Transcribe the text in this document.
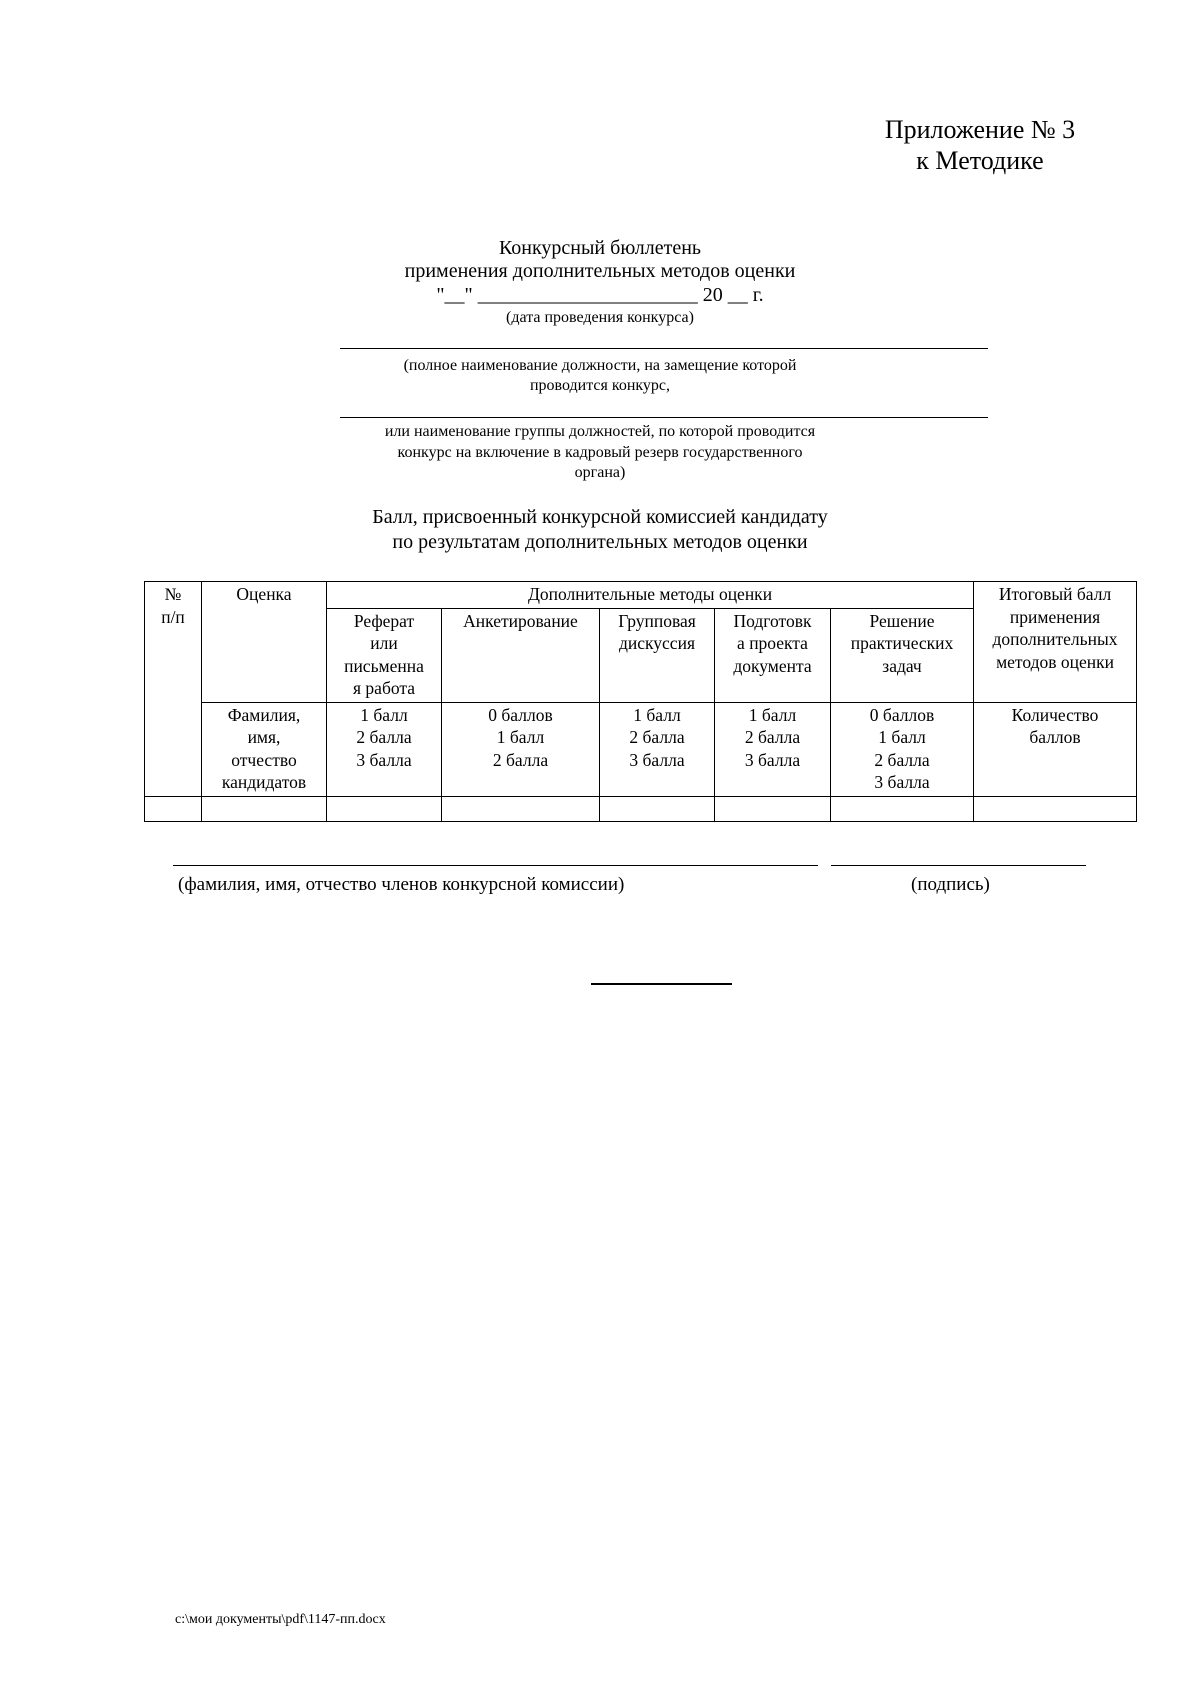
Приложение № 3
к Методике
Конкурсный бюллетень
применения дополнительных методов оценки
"__" ______________________ 20 __ г.
(дата проведения конкурса)
(полное наименование должности, на замещение которой
проводится конкурс,
или наименование группы должностей, по которой проводится
конкурс на включение в кадровый резерв государственного
органа)
Балл, присвоенный конкурсной комиссией кандидату
по результатам дополнительных методов оценки
№
п/п	Оценка	Дополнительные методы оценки					Итоговый балл
применения
дополнительных
методов оценки

		Реферат
или
письменна
я работа	Анкетирование	Групповая
дискуссия	Подготовк
а проекта
документа	Решение
практических
задач	

	Фамилия,
имя,
отчество
кандидатов	1 балл
2 балла
3 балла	0 баллов
1 балл
2 балла	1 балл
2 балла
3 балла	1 балл
2 балла
3 балла	0 баллов
1 балл
2 балла
3 балла	Количество
баллов

(фамилия, имя, отчество членов конкурсной комиссии)	(подпись)
c:\мои документы\pdf\1147-пп.docx
